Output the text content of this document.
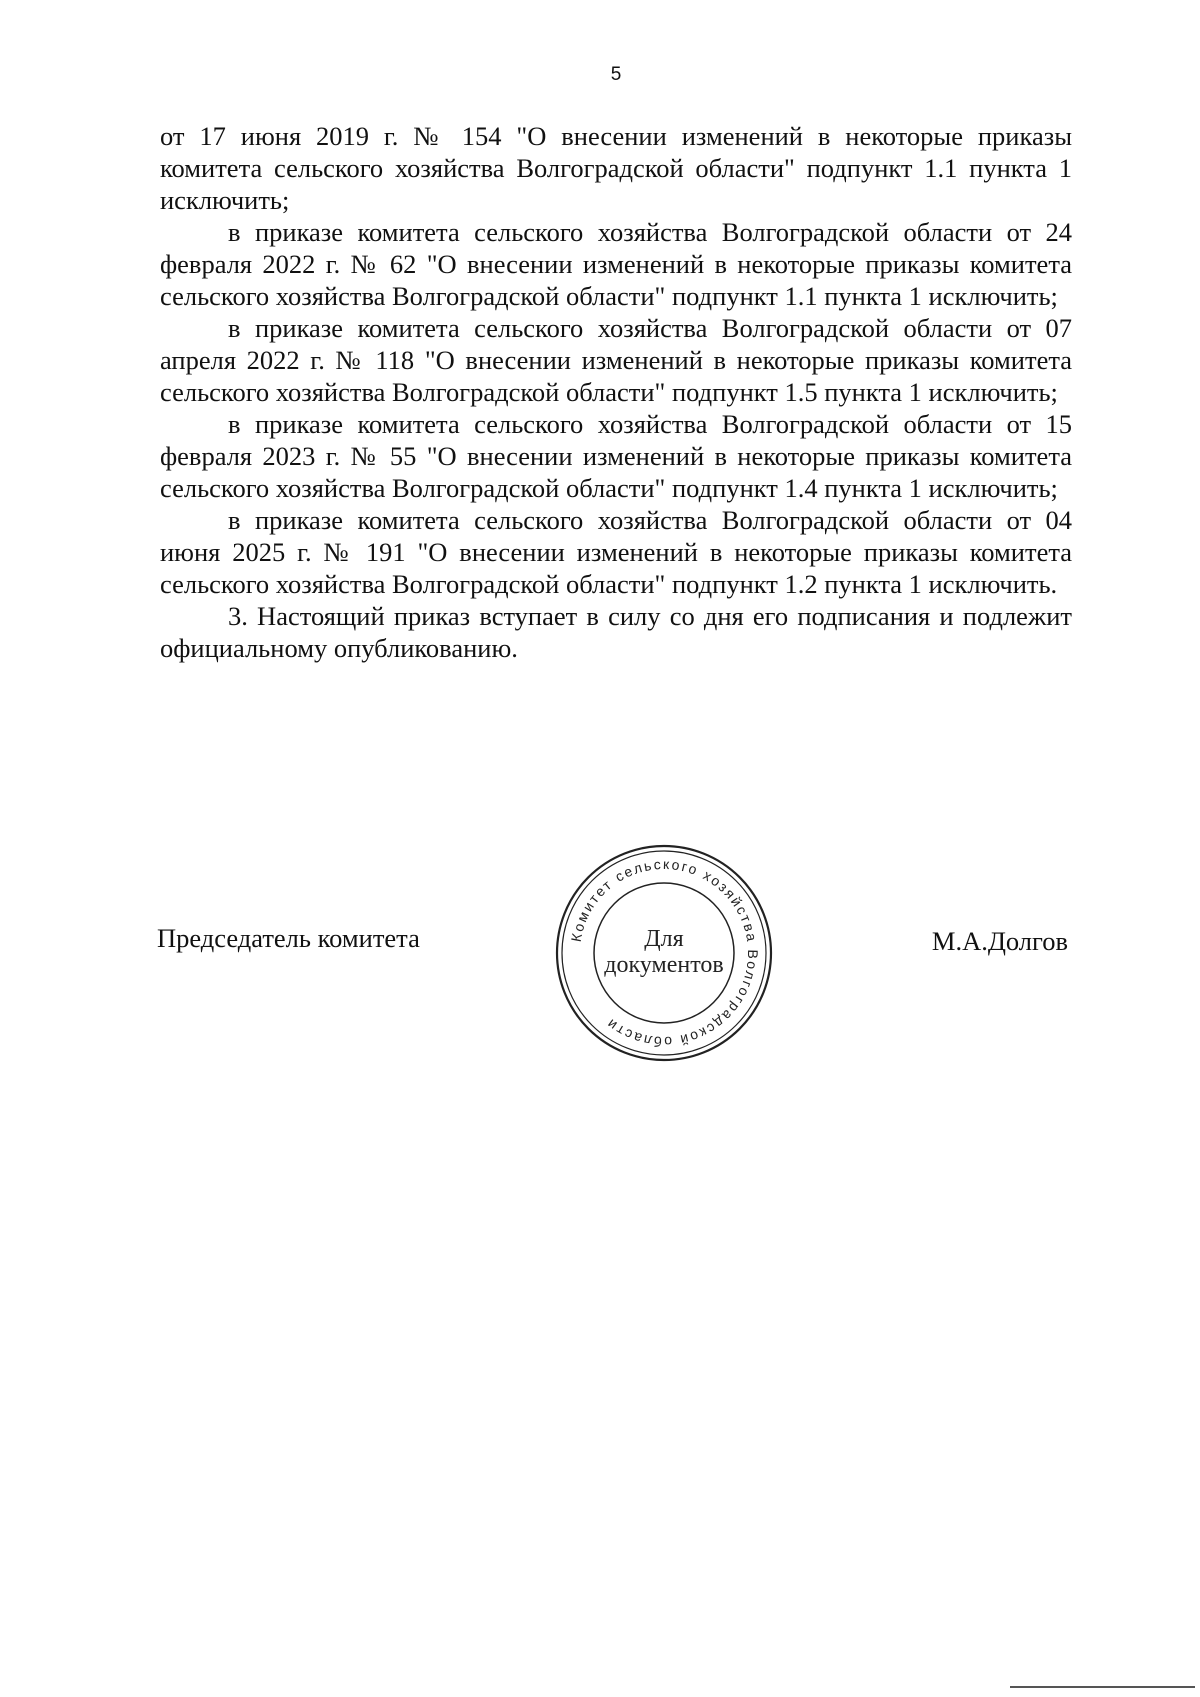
5

от 17 июня 2019 г. № 154 "О внесении изменений в некоторые приказы комитета сельского хозяйства Волгоградской области" подпункт 1.1 пункта 1 исключить;

в приказе комитета сельского хозяйства Волгоградской области от 24 февраля 2022 г. № 62 "О внесении изменений в некоторые приказы комитета сельского хозяйства Волгоградской области" подпункт 1.1 пункта 1 исключить;

в приказе комитета сельского хозяйства Волгоградской области от 07 апреля 2022 г. № 118 "О внесении изменений в некоторые приказы комитета сельского хозяйства Волгоградской области" подпункт 1.5 пункта 1 исключить;

в приказе комитета сельского хозяйства Волгоградской области от 15 февраля 2023 г. № 55 "О внесении изменений в некоторые приказы комитета сельского хозяйства Волгоградской области" подпункт 1.4 пункта 1 исключить;

в приказе комитета сельского хозяйства Волгоградской области от 04 июня 2025 г. № 191 "О внесении изменений в некоторые приказы комитета сельского хозяйства Волгоградской области" подпункт 1.2 пункта 1 исключить.

3. Настоящий приказ вступает в силу со дня его подписания и подлежит официальному опубликованию.

Председатель комитета	Комитет сельского хозяйства Волгоградской области
Для
документов
М.А.Долгов
